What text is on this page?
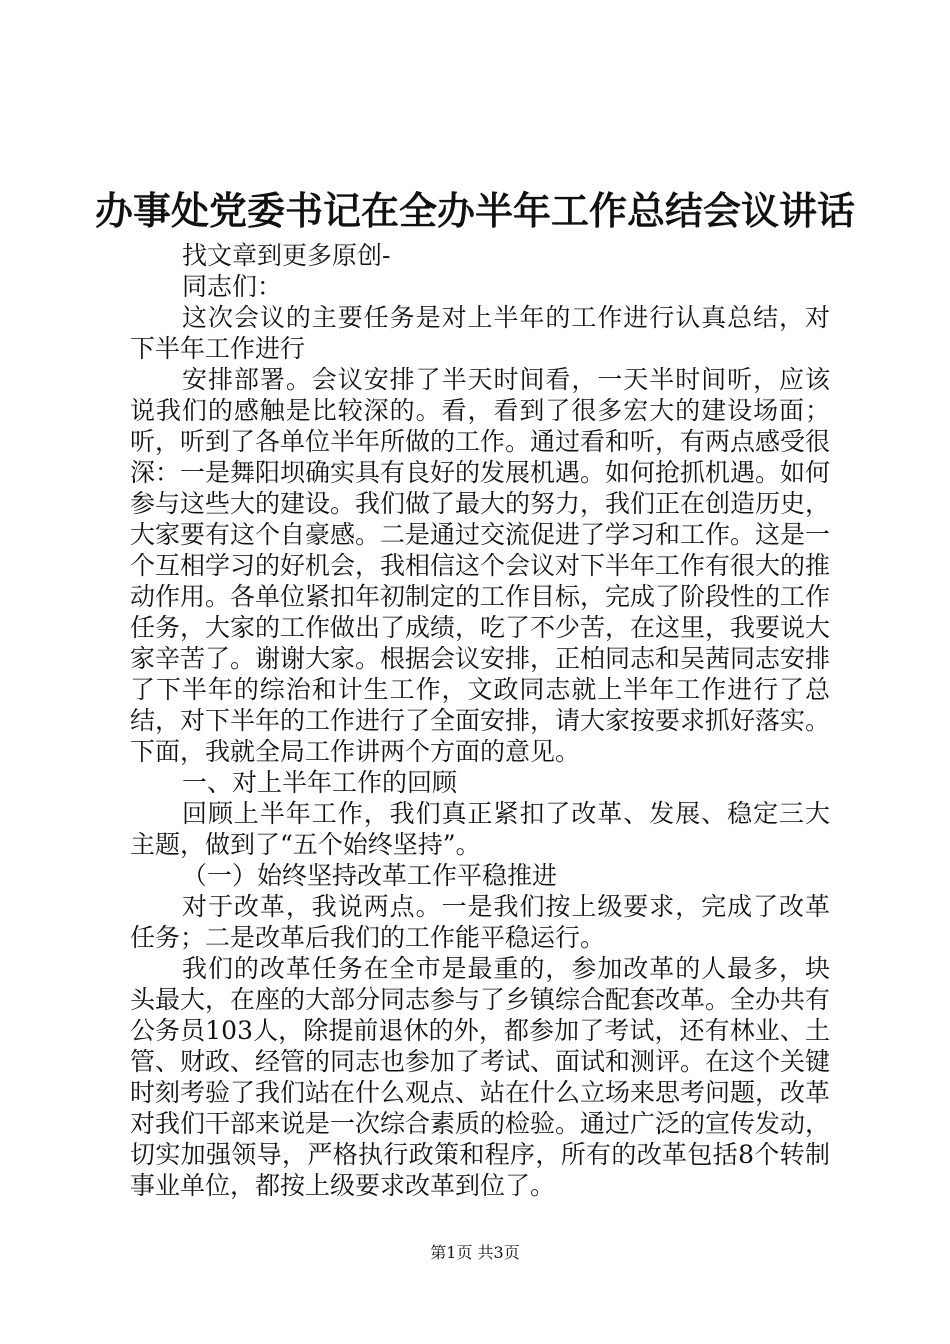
办事处党委书记在全办半年工作总结会议讲话

找文章到更多原创-

同志们：

这次会议的主要任务是对上半年的工作进行认真总结，对下半年工作进行

安排部署。会议安排了半天时间看，一天半时间听，应该说我们的感触是比较深的。看，看到了很多宏大的建设场面；听，听到了各单位半年所做的工作。通过看和听，有两点感受很深：一是舞阳坝确实具有良好的发展机遇。如何抢抓机遇。如何参与这些大的建设。我们做了最大的努力，我们正在创造历史，大家要有这个自豪感。二是通过交流促进了学习和工作。这是一个互相学习的好机会，我相信这个会议对下半年工作有很大的推动作用。各单位紧扣年初制定的工作目标，完成了阶段性的工作任务，大家的工作做出了成绩，吃了不少苦，在这里，我要说大家辛苦了。谢谢大家。根据会议安排，正柏同志和吴茜同志安排了下半年的综治和计生工作，文政同志就上半年工作进行了总结，对下半年的工作进行了全面安排，请大家按要求抓好落实。下面，我就全局工作讲两个方面的意见。

一、对上半年工作的回顾

回顾上半年工作，我们真正紧扣了改革、发展、稳定三大主题，做到了“五个始终坚持”。

（一）始终坚持改革工作平稳推进

对于改革，我说两点。一是我们按上级要求，完成了改革任务；二是改革后我们的工作能平稳运行。

我们的改革任务在全市是最重的，参加改革的人最多，块头最大，在座的大部分同志参与了乡镇综合配套改革。全办共有公务员103人，除提前退休的外，都参加了考试，还有林业、土管、财政、经管的同志也参加了考试、面试和测评。在这个关键时刻考验了我们站在什么观点、站在什么立场来思考问题，改革对我们干部来说是一次综合素质的检验。通过广泛的宣传发动，切实加强领导，严格执行政策和程序，所有的改革包括8个转制事业单位，都按上级要求改革到位了。

第1页 共3页
